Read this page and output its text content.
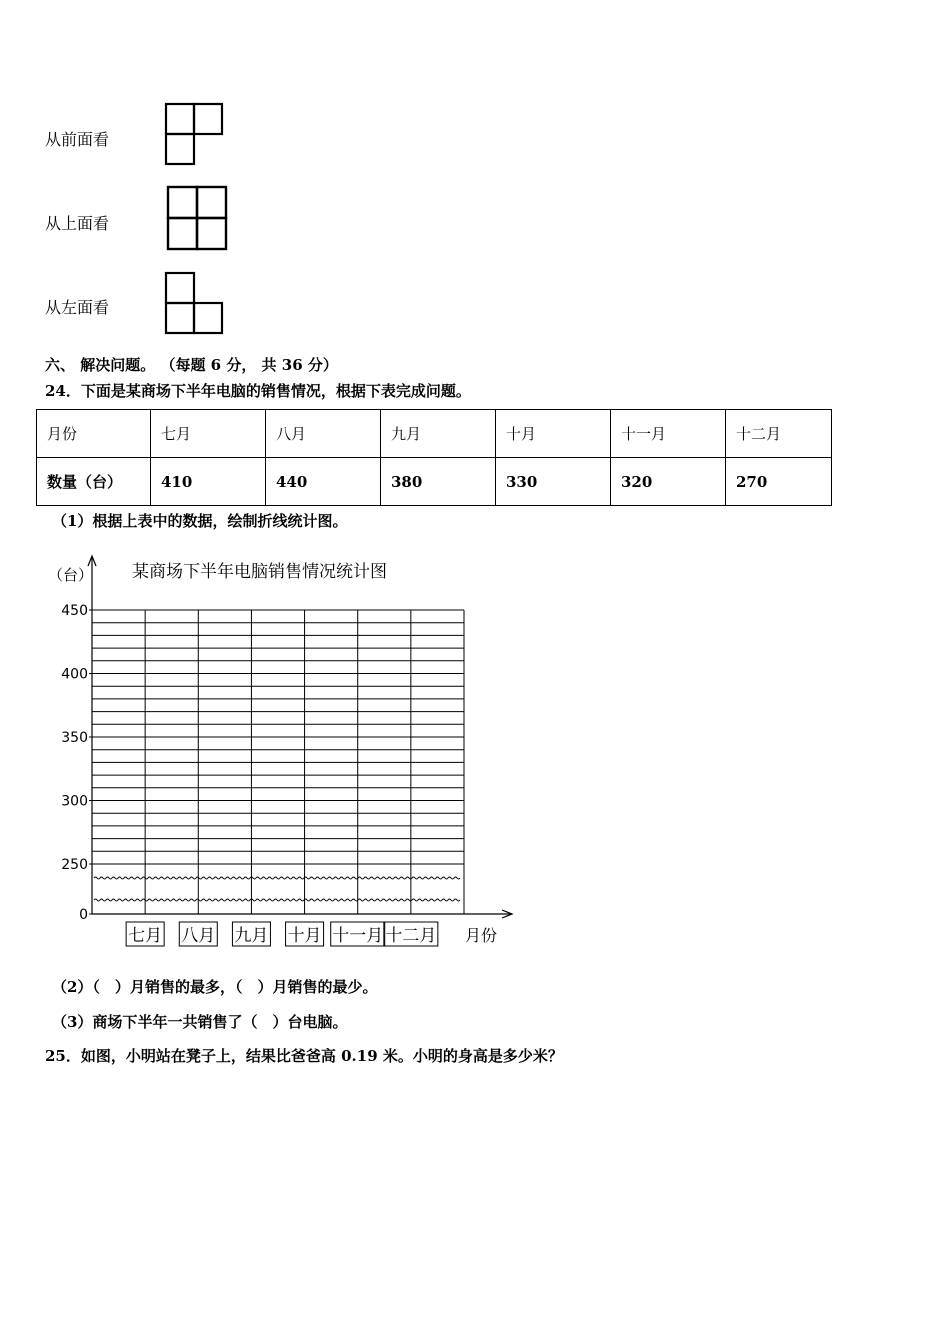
从前面看
从上面看
从左面看
六、 解决问题。 （每题 6 分， 共 36 分）
24．下面是某商场下半年电脑的销售情况，根据下表完成问题。
月份	七月	八月	九月	十月	十一月	十二月
数量（台）	410	440	380	330	320	270
（1）根据上表中的数据，绘制折线统计图。
某商场下半年电脑销售情况统计图
（台）
450
400
350
300
250
0
七月 八月 九月 十月 十一月 十二月 月份
（2）（　）月销售的最多，（　）月销售的最少。
（3）商场下半年一共销售了（　）台电脑。
25．如图，小明站在凳子上，结果比爸爸高 0.19 米。小明的身高是多少米？
